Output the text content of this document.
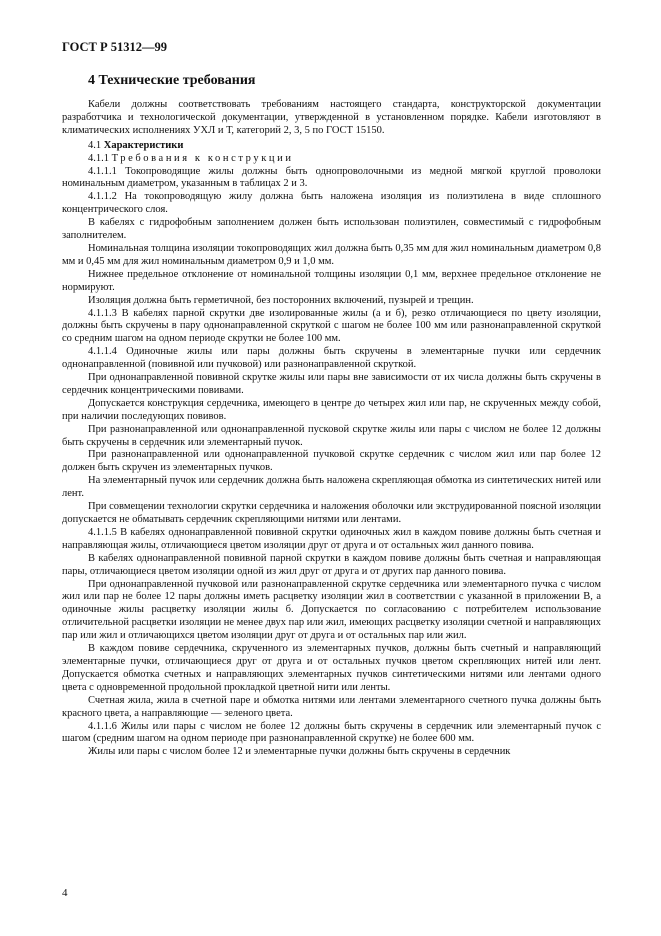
ГОСТ Р 51312—99
4 Технические требования

Кабели должны соответствовать требованиям настоящего стандарта, конструкторской документации разработчика и технологической документации, утвержденной в установленном порядке. Кабели изготовляют в климатических исполнениях УХЛ и Т, категорий 2, 3, 5 по ГОСТ 15150.

4.1 Характеристики

4.1.1 Требования к конструкции

4.1.1.1 Токопроводящие жилы должны быть однопроволочными из медной мягкой круглой проволоки номинальным диаметром, указанным в таблицах 2 и 3.

4.1.1.2 На токопроводящую жилу должна быть наложена изоляция из полиэтилена в виде сплошного концентрического слоя.

В кабелях с гидрофобным заполнением должен быть использован полиэтилен, совместимый с гидрофобным заполнителем.

Номинальная толщина изоляции токопроводящих жил должна быть 0,35 мм для жил номинальным диаметром 0,8 мм и 0,45 мм для жил номинальным диаметром 0,9 и 1,0 мм.

Нижнее предельное отклонение от номинальной толщины изоляции 0,1 мм, верхнее предельное отклонение не нормируют.

Изоляция должна быть герметичной, без посторонних включений, пузырей и трещин.

4.1.1.3 В кабелях парной скрутки две изолированные жилы (а и б), резко отличающиеся по цвету изоляции, должны быть скручены в пару однонаправленной скруткой с шагом не более 100 мм или разнонаправленной скруткой со средним шагом на одном периоде скрутки не более 100 мм.

4.1.1.4 Одиночные жилы или пары должны быть скручены в элементарные пучки или сердечник однонаправленной (повивной или пучковой) или разнонаправленной скруткой.

При однонаправленной повивной скрутке жилы или пары вне зависимости от их числа должны быть скручены в сердечник концентрическими повивами.

Допускается конструкция сердечника, имеющего в центре до четырех жил или пар, не скрученных между собой, при наличии последующих повивов.

При разнонаправленной или однонаправленной пусковой скрутке жилы или пары с числом не более 12 должны быть скручены в сердечник или элементарный пучок.

При разнонаправленной или однонаправленной пучковой скрутке сердечник с числом жил или пар более 12 должен быть скручен из элементарных пучков.

На элементарный пучок или сердечник должна быть наложена скрепляющая обмотка из синтетических нитей или лент.

При совмещении технологии скрутки сердечника и наложения оболочки или экструдированной поясной изоляции допускается не обматывать сердечник скрепляющими нитями или лентами.

4.1.1.5 В кабелях однонаправленной повивной скрутки одиночных жил в каждом повиве должны быть счетная и направляющая жилы, отличающиеся цветом изоляции друг от друга и от остальных жил данного повива.

В кабелях однонаправленной повивной парной скрутки в каждом повиве должны быть счетная и направляющая пары, отличающиеся цветом изоляции одной из жил друг от друга и от других пар данного повива.

При однонаправленной пучковой или разнонаправленной скрутке сердечника или элементарного пучка с числом жил или пар не более 12 пары должны иметь расцветку изоляции жил в соответствии с указанной в приложении В, а одиночные жилы расцветку изоляции жилы б. Допускается по согласованию с потребителем использование отличительной расцветки изоляции не менее двух пар или жил, имеющих расцветку изоляции счетной и направляющих пар или жил и отличающихся цветом изоляции друг от друга и от остальных пар или жил.

В каждом повиве сердечника, скрученного из элементарных пучков, должны быть счетный и направляющий элементарные пучки, отличающиеся друг от друга и от остальных пучков цветом скрепляющих нитей или лент. Допускается обмотка счетных и направляющих элементарных пучков синтетическими нитями или лентами одного цвета с одновременной продольной прокладкой цветной нити или ленты.

Счетная жила, жила в счетной паре и обмотка нитями или лентами элементарного счетного пучка должны быть красного цвета, а направляющие — зеленого цвета.

4.1.1.6 Жилы или пары с числом не более 12 должны быть скручены в сердечник или элементарный пучок с шагом (средним шагом на одном периоде при разнонаправленной скрутке) не более 600 мм.

Жилы или пары с числом более 12 и элементарные пучки должны быть скручены в сердечник

4
